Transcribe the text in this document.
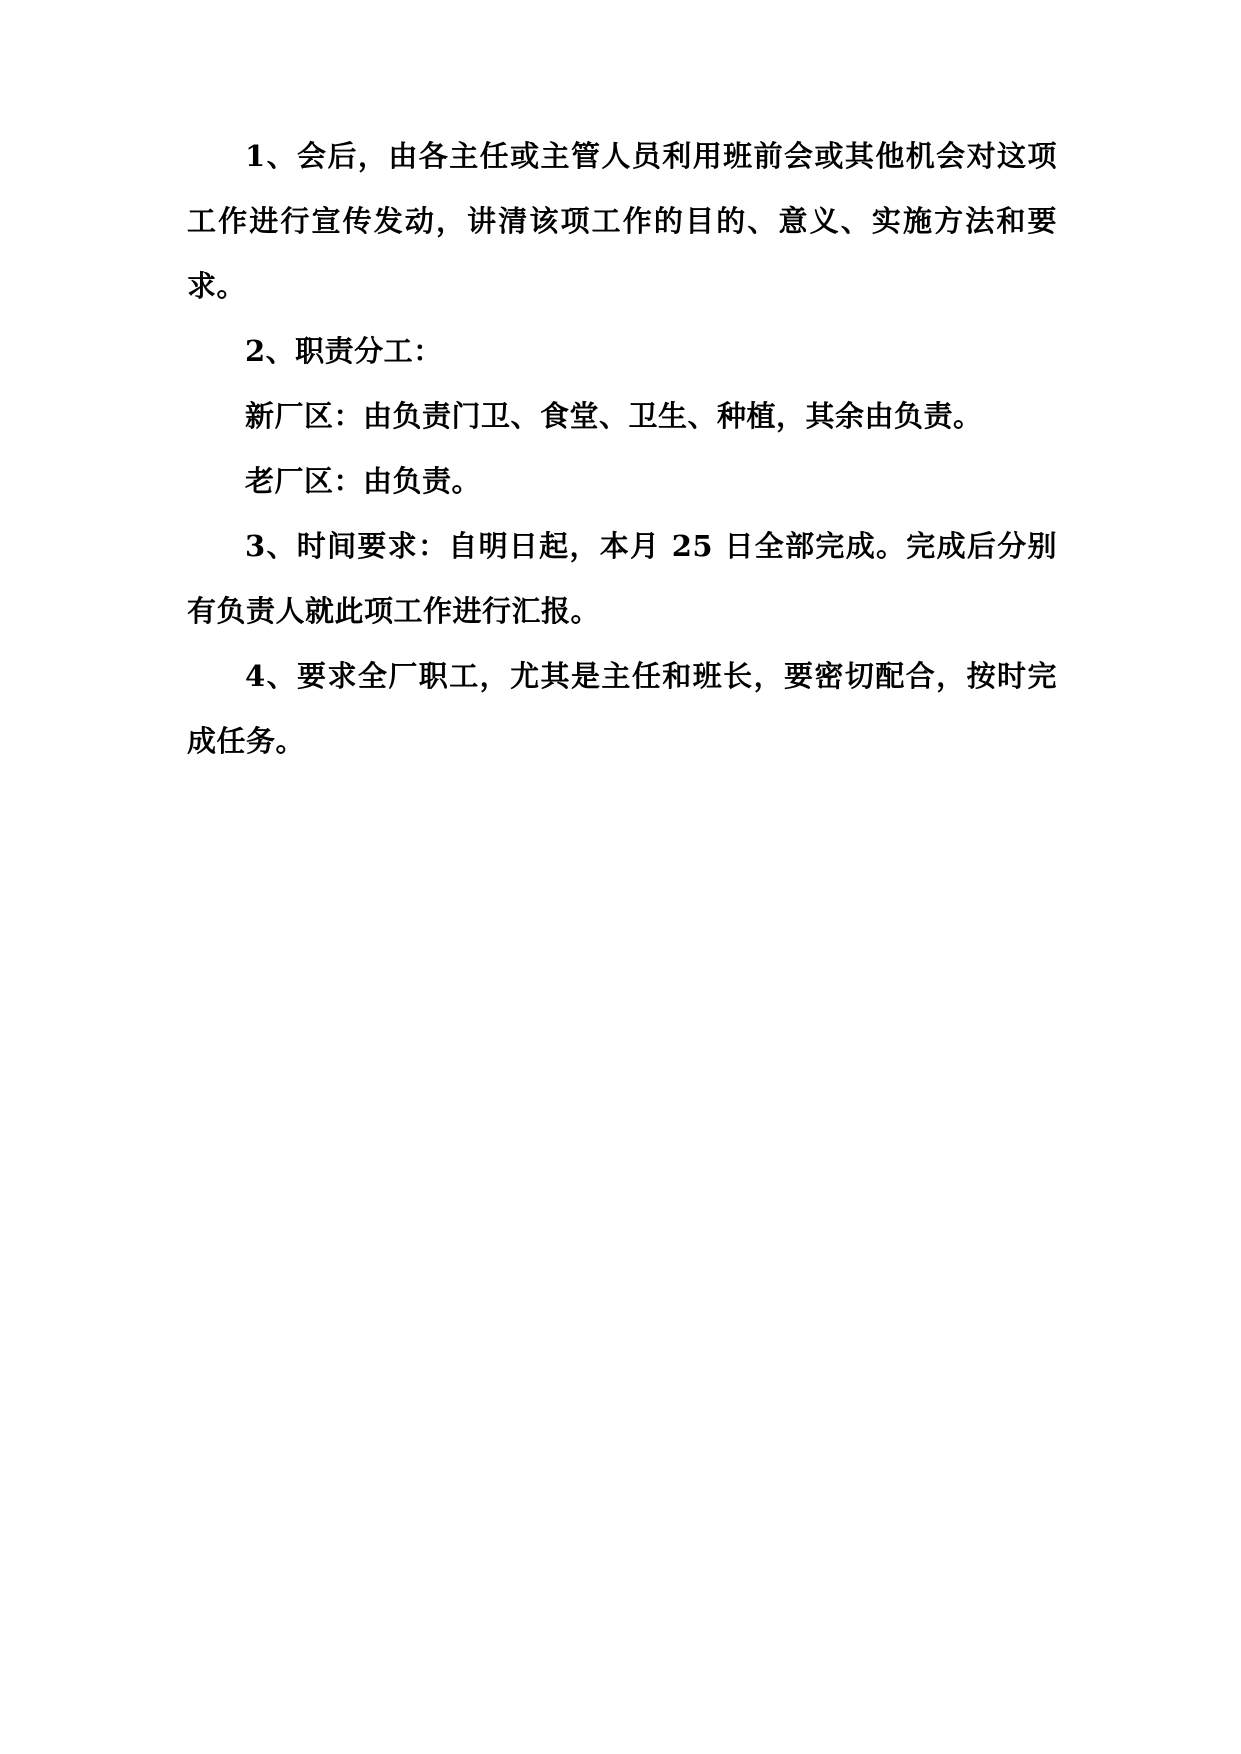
1、会后，由各主任或主管人员利用班前会或其他机会对这项工作进行宣传发动，讲清该项工作的目的、意义、实施方法和要求。

2、职责分工：

新厂区：由负责门卫、食堂、卫生、种植，其余由负责。

老厂区：由负责。

3、时间要求：自明日起，本月 25 日全部完成。完成后分别有负责人就此项工作进行汇报。

4、要求全厂职工，尤其是主任和班长，要密切配合，按时完成任务。
